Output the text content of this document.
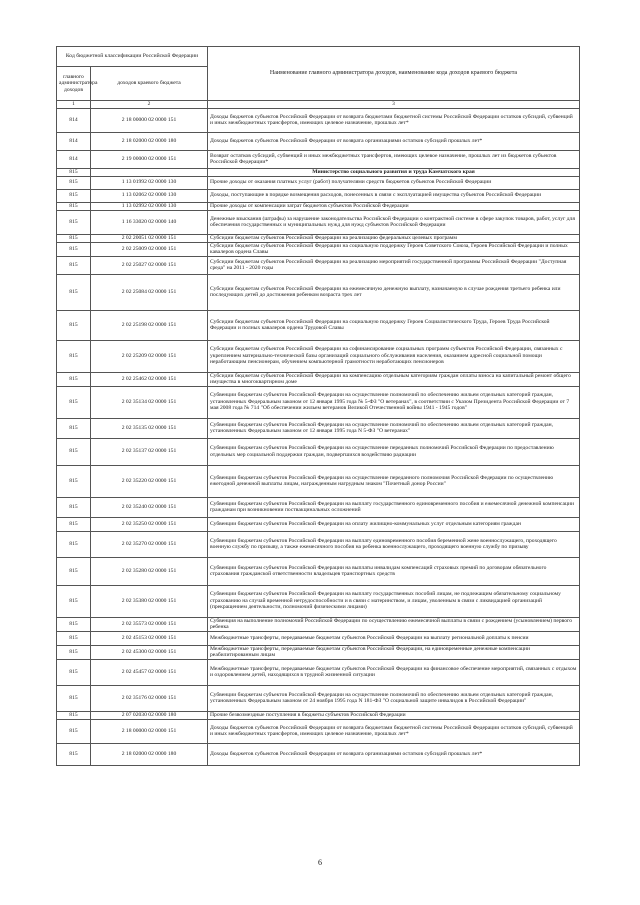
Код бюджетной классификации Российской Федерации		Наименование главного администратора доходов, наименование кода доходов краевого бюджета
главного администратора доходов	доходов краевого бюджета	
1	2	3
814	2 18 00000 02 0000 151	Доходы бюджетов субъектов Российской Федерации от возврата бюджетами бюджетной системы Российской Федерации остатков субсидий, субвенций и иных межбюджетных трансфертов, имеющих целевое назначение, прошлых лет*
814	2 18 02000 02 0000 180	Доходы бюджетов субъектов Российской Федерации от возврата организациями остатков субсидий прошлых лет*
814	2 19 00000 02 0000 151	Возврат остатков субсидий, субвенций и иных межбюджетных трансфертов, имеющих целевое назначение, прошлых лет из бюджетов субъектов Российской Федерации*
815		Министерство социального развития и труда Камчатского края
815	1 13 01992 02 0000 130	Прочие доходы от оказания платных услуг (работ) получателями средств бюджетов субъектов Российской Федерации
815	1 13 02062 02 0000 130	Доходы, поступающие в порядке возмещения расходов, понесенных в связи с эксплуатацией имущества субъектов Российской Федерации
815	1 13 02992 02 0000 130	Прочие доходы от компенсации затрат бюджетов субъектов Российской Федерации
815	1 16 33020 02 0000 140	Денежные взыскания (штрафы) за нарушение законодательства Российской Федерации о контрактной системе в сфере закупок товаров, работ, услуг для обеспечения государственных и муниципальных нужд для нужд субъектов Российской Федерации
815	2 02 20051 02 0000 151	Субсидии бюджетам субъектов Российской Федерации на реализацию федеральных целевых программ
815	2 02 25009 02 0000 151	Субсидии бюджетам субъектов Российской Федерации на социальную поддержку Героев Советского Союза, Героев Российской Федерации и полных кавалеров ордена Славы
815	2 02 25027 02 0000 151	Субсидии бюджетам субъектов Российской Федерации на реализацию мероприятий государственной программы Российской Федерации "Доступная среда" на 2011 - 2020 годы
815	2 02 25084 02 0000 151	Субсидии бюджетам субъектов Российской Федерации на ежемесячную денежную выплату, назначаемую в случае рождения третьего ребенка или последующих детей до достижения ребенком возраста трех лет
815	2 02 25198 02 0000 151	Субсидии бюджетам субъектов Российской Федерации на социальную поддержку Героев Социалистического Труда, Героев Труда Российской Федерации и полных кавалеров ордена Трудовой Славы
815	2 02 25209 02 0000 151	Субсидии бюджетам субъектов Российской Федерации на софинансирование социальных программ субъектов Российской Федерации, связанных с укреплением материально-технической базы организаций социального обслуживания населения, оказанием адресной социальной помощи неработающим пенсионерам, обучением компьютерной грамотности неработающих пенсионеров
815	2 02 25462 02 0000 151	Субсидии бюджетам субъектов Российской Федерации на компенсацию отдельным категориям граждан оплаты взноса на капитальный ремонт общего имущества в многоквартирном доме
815	2 02 35134 02 0000 151	Субвенции бюджетам субъектов Российской Федерации на осуществление полномочий по обеспечению жильем отдельных категорий граждан, установленных Федеральным законом от 12 января 1995 года № 5-ФЗ "О ветеранах", в соответствии с Указом Президента Российской Федерации от 7 мая 2008 года № 714 "Об обеспечении жильем ветеранов Великой Отечественной войны 1941 - 1945 годов"
815	2 02 35135 02 0000 151	Субвенции бюджетам субъектов Российской Федерации на осуществление полномочий по обеспечению жильем отдельных категорий граждан, установленных Федеральным законом от 12 января 1995 года N 5-ФЗ "О ветеранах"
815	2 02 35137 02 0000 151	Субвенции бюджетам субъектов Российской Федерации на осуществление переданных полномочий Российской Федерации по предоставлению отдельных мер социальной поддержки граждан, подвергшихся воздействию радиации
815	2 02 35220 02 0000 151	Субвенции бюджетам субъектов Российской Федерации на осуществление переданного полномочия Российской Федерации по осуществлению ежегодной денежной выплаты лицам, награжденным нагрудным знаком "Почетный донор России"
815	2 02 35240 02 0000 151	Субвенции бюджетам субъектов Российской Федерации на выплату государственного единовременного пособия и ежемесячной денежной компенсации гражданам при возникновении поствакцинальных осложнений
815	2 02 35250 02 0000 151	Субвенции бюджетам субъектов Российской Федерации на оплату жилищно-коммунальных услуг отдельным категориям граждан
815	2 02 35270 02 0000 151	Субвенции бюджетам субъектов Российской Федерации на выплату единовременного пособия беременной жене военнослужащего, проходящего военную службу по призыву, а также ежемесячного пособия на ребенка военнослужащего, проходящего военную службу по призыву
815	2 02 35280 02 0000 151	Субвенции бюджетам субъектов Российской Федерации на выплаты инвалидам компенсаций страховых премий по договорам обязательного страхования гражданской ответственности владельцев транспортных средств
815	2 02 35380 02 0000 151	Субвенции бюджетам субъектов Российской Федерации на выплату государственных пособий лицам, не подлежащим обязательному социальному страхованию на случай временной нетрудоспособности и в связи с материнством, и лицам, уволенным в связи с ликвидацией организаций (прекращением деятельности, полномочий физическими лицами)
815	2 02 35573 02 0000 151	Субвенция на выполнение полномочий Российской Федерации по осуществлению ежемесячной выплаты в связи с рождением (усыновлением) первого ребенка
815	2 02 45153 02 0000 151	Межбюджетные трансферты, передаваемые бюджетам субъектов Российской Федерации на выплату региональной доплаты к пенсии
815	2 02 45300 02 0000 151	Межбюджетные трансферты, передаваемые бюджетам субъектов Российской Федерации, на единовременные денежные компенсации реабилитированным лицам
815	2 02 45457 02 0000 151	Межбюджетные трансферты, передаваемые бюджетам субъектов Российской Федерации на финансовое обеспечение мероприятий, связанных с отдыхом и оздоровлением детей, находящихся в трудной жизненной ситуации
815	2 02 35176 02 0000 151	Субвенции бюджетам субъектов Российской Федерации на осуществление полномочий по обеспечению жильем отдельных категорий граждан, установленных Федеральным законом от 24 ноября 1995 года N 181-ФЗ "О социальной защите инвалидов в Российской Федерации"
815	2 07 02030 02 0000 180	Прочие безвозмездные поступления в бюджеты субъектов Российской Федерации
815	2 18 00000 02 0000 151	Доходы бюджетов субъектов Российской Федерации от возврата бюджетами бюджетной системы Российской Федерации остатков субсидий, субвенций и иных межбюджетных трансфертов, имеющих целевое назначение, прошлых лет*
815	2 18 02000 02 0000 180	Доходы бюджетов субъектов Российской Федерации от возврата организациями остатков субсидий прошлых лет*
6
